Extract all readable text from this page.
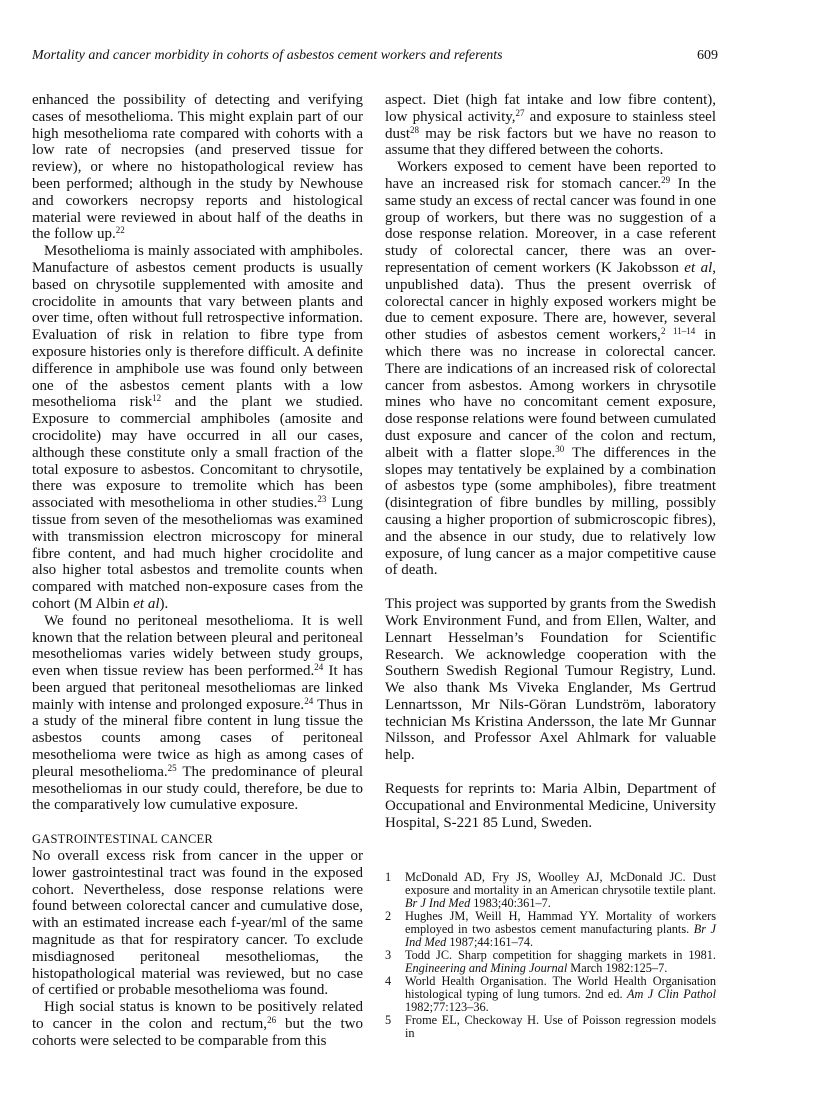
Mortality and cancer morbidity in cohorts of asbestos cement workers and referents	609

enhanced the possibility of detecting and verifying cases of mesothelioma. This might explain part of our high mesothelioma rate compared with cohorts with a low rate of necropsies (and preserved tissue for review), or where no histopathological review has been performed; although in the study by Newhouse and coworkers necropsy reports and histological material were reviewed in about half of the deaths in the follow up.$^{22}$

Mesothelioma is mainly associated with amphiboles. Manufacture of asbestos cement products is usually based on chrysotile supplemented with amosite and crocidolite in amounts that vary between plants and over time, often without full retrospective information. Evaluation of risk in relation to fibre type from exposure histories only is therefore difficult. A definite difference in amphibole use was found only between one of the asbestos cement plants with a low mesothelioma risk$^{12}$ and the plant we studied. Exposure to commercial amphiboles (amosite and crocidolite) may have occurred in all our cases, although these constitute only a small fraction of the total exposure to asbestos. Concomitant to chrysotile, there was exposure to tremolite which has been associated with mesothelioma in other studies.$^{23}$ Lung tissue from seven of the mesotheliomas was examined with transmission electron microscopy for mineral fibre content, and had much higher crocidolite and also higher total asbestos and tremolite counts when compared with matched non-exposure cases from the cohort (M Albin et al).

We found no peritoneal mesothelioma. It is well known that the relation between pleural and peritoneal mesotheliomas varies widely between study groups, even when tissue review has been performed.$^{24}$ It has been argued that peritoneal mesotheliomas are linked mainly with intense and prolonged exposure.$^{24}$ Thus in a study of the mineral fibre content in lung tissue the asbestos counts among cases of peritoneal mesothelioma were twice as high as among cases of pleural mesothelioma.$^{25}$ The predominance of pleural mesotheliomas in our study could, therefore, be due to the comparatively low cumulative exposure.

GASTROINTESTINAL CANCER

No overall excess risk from cancer in the upper or lower gastrointestinal tract was found in the exposed cohort. Nevertheless, dose response relations were found between colorectal cancer and cumulative dose, with an estimated increase each f-year/ml of the same magnitude as that for respiratory cancer. To exclude misdiagnosed peritoneal mesotheliomas, the histopathological material was reviewed, but no case of certified or probable mesothelioma was found.

High social status is known to be positively related to cancer in the colon and rectum,$^{26}$ but the two cohorts were selected to be comparable from this

aspect. Diet (high fat intake and low fibre content), low physical activity,$^{27}$ and exposure to stainless steel dust$^{28}$ may be risk factors but we have no reason to assume that they differed between the cohorts.

Workers exposed to cement have been reported to have an increased risk for stomach cancer.$^{29}$ In the same study an excess of rectal cancer was found in one group of workers, but there was no suggestion of a dose response relation. Moreover, in a case referent study of colorectal cancer, there was an over-representation of cement workers (K Jakobsson et al, unpublished data). Thus the present overrisk of colorectal cancer in highly exposed workers might be due to cement exposure. There are, however, several other studies of asbestos cement workers,$^{2 11-14}$ in which there was no increase in colorectal cancer. There are indications of an increased risk of colorectal cancer from asbestos. Among workers in chrysotile mines who have no concomitant cement exposure, dose response relations were found between cumulated dust exposure and cancer of the colon and rectum, albeit with a flatter slope.$^{30}$ The differences in the slopes may tentatively be explained by a combination of asbestos type (some amphiboles), fibre treatment (disintegration of fibre bundles by milling, possibly causing a higher proportion of submicroscopic fibres), and the absence in our study, due to relatively low exposure, of lung cancer as a major competitive cause of death.

This project was supported by grants from the Swedish Work Environment Fund, and from Ellen, Walter, and Lennart Hesselman’s Foundation for Scientific Research. We acknowledge cooperation with the Southern Swedish Regional Tumour Registry, Lund. We also thank Ms Viveka Englander, Ms Gertrud Lennartsson, Mr Nils-Göran Lundström, laboratory technician Ms Kristina Andersson, the late Mr Gunnar Nilsson, and Professor Axel Ahlmark for valuable help.

Requests for reprints to: Maria Albin, Department of Occupational and Environmental Medicine, University Hospital, S-221 85 Lund, Sweden.

1 McDonald AD, Fry JS, Woolley AJ, McDonald JC. Dust exposure and mortality in an American chrysotile textile plant. Br J Ind Med 1983;40:361–7.

2 Hughes JM, Weill H, Hammad YY. Mortality of workers employed in two asbestos cement manufacturing plants. Br J Ind Med 1987;44:161–74.

3 Todd JC. Sharp competition for shagging markets in 1981. Engineering and Mining Journal March 1982:125–7.

4 World Health Organisation. The World Health Organisation histological typing of lung tumors. 2nd ed. Am J Clin Pathol 1982;77:123–36.

5 Frome EL, Checkoway H. Use of Poisson regression models in
